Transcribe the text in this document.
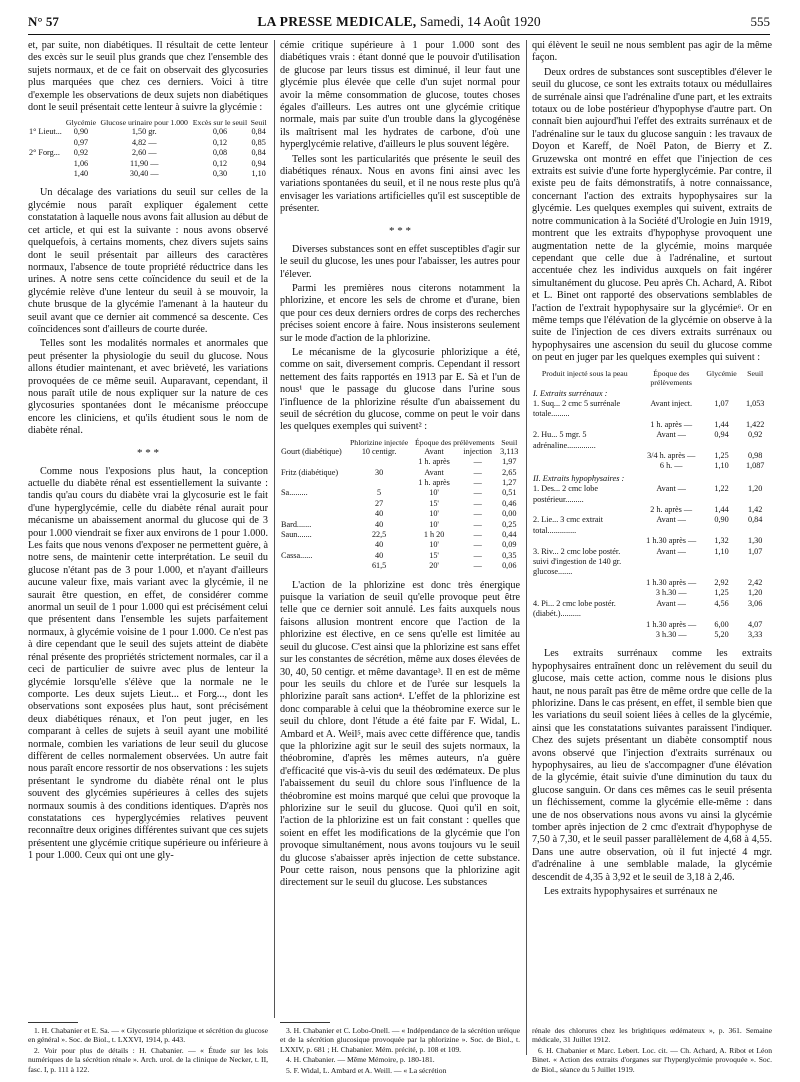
N° 57	LA PRESSE MEDICALE, Samedi, 14 Août 1920	555

et, par suite, non diabétiques. Il résultait de cette lenteur des excès sur le seuil plus grands que chez l'ensemble des sujets normaux, et de ce fait on observait des glycosuries plus marquées que chez ces derniers. Voici à titre d'exemple les observations de deux sujets non diabétiques dont le seuil présentait cette lenteur à suivre la glycémie :

	Glycémie	Glucose urinaire pour 1.000	Excès sur le seuil	Seuil
1° Lieut...	0,90	1,50 gr.	0,06	0,84
	0,97	4,82 —	0,12	0,85
2° Forg...	0,92	2,60 —	0,08	0,84
	1,06	11,90 —	0,12	0,94
	1,40	30,40 —	0,30	1,10

Un décalage des variations du seuil sur celles de la glycémie nous paraît expliquer également cette constatation à laquelle nous avons fait allusion au début de cet article, et qui est la suivante : nous avons observé quelquefois, à certains moments, chez divers sujets sains dont le seuil présentait par ailleurs des caractères normaux, l'absence de toute propriété réductrice dans les urines. A notre sens cette coïncidence du seuil et de la glycémie relève d'une lenteur du seuil à se mouvoir, la chute brusque de la glycémie l'amenant à la hauteur du seuil avant que ce dernier ait commencé sa descente. Ces coïncidences sont d'ailleurs de courte durée.

Telles sont les modalités normales et anormales que peut présenter la physiologie du seuil du glucose. Nous allons étudier maintenant, et avec brièveté, les variations provoquées de ce même seuil. Auparavant, cependant, il nous paraît utile de nous expliquer sur la nature de ces glycosuries spontanées dont le mécanisme préoccupe encore les cliniciens, et qu'ils étudient sous le nom de diabète rénal.

* * *

Comme nous l'exposions plus haut, la conception actuelle du diabète rénal est essentiellement la suivante : tandis qu'au cours du diabète vrai la glycosurie est le fait d'une hyperglycémie, celle du diabète rénal aurait pour mécanisme un abaissement anormal du glucose qui de 3 pour 1.000 viendrait se fixer aux environs de 1 pour 1.000. Les faits que nous venons d'exposer ne permettent guère, à notre sens, de maintenir cette interprétation. Le seuil du glucose n'étant pas de 3 pour 1.000, et n'ayant d'ailleurs aucune valeur fixe, mais variant avec la glycémie, il ne saurait être question, en effet, de considérer comme anormal un seuil de 1 pour 1.000 qui est précisément celui que présentent dans l'ensemble les sujets parfaitement normaux, à glycémie voisine de 1 pour 1.000. Ce n'est pas à dire cependant que le seuil des sujets atteint de diabète rénal présente des propriétés strictement normales, car il a ceci de particulier de suivre avec plus de lenteur la glycémie lorsqu'elle s'élève que la normale ne le comporte. Les deux sujets Lieut... et Forg..., dont les observations sont exposées plus haut, sont précisément deux diabétiques rénaux, et l'on peut juger, en les comparant à celles de sujets à seuil ayant une mobilité normale, combien les variations de leur seuil du glucose diffèrent de celles normalement observées. Un autre fait nous paraît encore ressortir de nos observations : les sujets présentant le syndrome du diabète rénal ont le plus souvent des glycémies supérieures à celles des sujets normaux soumis à des conditions identiques. D'après nos constatations ces hyperglycémies relatives peuvent reconnaître deux origines différentes suivant que ces sujets présentent une glycémie critique supérieure ou inférieure à 1 pour 1.000. Ceux qui ont une gly-

cémie critique supérieure à 1 pour 1.000 sont des diabétiques vrais : étant donné que le pouvoir d'utilisation de glucose par leurs tissus est diminué, il leur faut une glycémie plus élevée que celle d'un sujet normal pour avoir la même consommation de glucose, toutes choses égales d'ailleurs. Les autres ont une glycémie critique normale, mais par suite d'un trouble dans la glycogénèse ils maîtrisent mal les hydrates de carbone, d'où une hyperglycémie relative, d'ailleurs le plus souvent légère.

Telles sont les particularités que présente le seuil des diabétiques rénaux. Nous en avons fini ainsi avec les variations spontanées du seuil, et il ne nous reste plus qu'à envisager les variations artificielles qu'il est susceptible de présenter.

* * *

Diverses substances sont en effet susceptibles d'agir sur le seuil du glucose, les unes pour l'abaisser, les autres pour l'élever.

Parmi les premières nous citerons notamment la phlorizine, et encore les sels de chrome et d'urane, bien que pour ces deux derniers ordres de corps des recherches précises soient encore à faire. Nous insisterons seulement sur le mode d'action de la phlorizine.

Le mécanisme de la glycosurie phlorizique a été, comme on sait, diversement compris. Cependant il ressort nettement des faits rapportés en 1913 par E. Sà et l'un de nous¹ que le passage du glucose dans l'urine sous l'influence de la phlorizine résulte d'un abaissement du seuil de sécrétion du glucose, comme on peut le voir dans les quelques exemples qui suivent² :

	Phlorizine injectée	Époque des prélèvements		Seuil
Gourt (diabétique)	10 centigr.	Avant	injection	3,113
		1 h. après	—	1,97
Fritz (diabétique)	30	Avant	—	2,65
		1 h. après	—	1,27
Sa.........	5	10'	—	0,51
	27	15'	—	0,46
	40	10'	—	0,00
Bard.......	40	10'	—	0,25
Saun.......	22,5	1 h 20	—	0,44
	40	10'	—	0,09
Cassa......	40	15'	—	0,35
	61,5	20'	—	0,06

L'action de la phlorizine est donc très énergique puisque la variation de seuil qu'elle provoque peut être telle que ce dernier soit annulé. Les faits auxquels nous faisons allusion montrent encore que l'action de la phlorizine est élective, en ce sens qu'elle est limitée au seuil du glucose. C'est ainsi que la phlorizine est sans effet sur les constantes de sécrétion, même aux doses élevées de 30, 40, 50 centigr. et même davantage³. Il en est de même pour les seuils du chlore et de l'urée sur lesquels la phlorizine paraît sans action⁴. L'effet de la phlorizine est donc comparable à celui que la théobromine exerce sur le seuil du chlore, dont l'étude a été faite par F. Widal, L. Ambard et A. Weil⁵, mais avec cette différence que, tandis que la phlorizine agit sur le seuil des sujets normaux, la théobromine, d'après les mêmes auteurs, n'a guère d'efficacité que vis-à-vis du seuil des œdémateux. De plus l'abaissement du seuil du chlore sous l'influence de la théobromine est moins marqué que celui que provoque la phlorizine sur le seuil du glucose. Quoi qu'il en soit, l'action de la phlorizine est un fait constant : quelles que soient en effet les modifications de la glycémie que l'on provoque simultanément, nous avons toujours vu le seuil du glucose s'abaisser après injection de cette substance. Pour cette raison, nous pensons que la phlorizine agit directement sur le seuil du glucose. Les substances

qui élèvent le seuil ne nous semblent pas agir de la même façon.

Deux ordres de substances sont susceptibles d'élever le seuil du glucose, ce sont les extraits totaux ou médullaires de surrénale ainsi que l'adrénaline d'une part, et les extraits totaux ou de lobe postérieur d'hypophyse d'autre part. On connaît bien aujourd'hui l'effet des extraits surrénaux et de l'adrénaline sur le taux du glucose sanguin : les travaux de Doyon et Kareff, de Noël Paton, de Bierry et Z. Gruzewska ont montré en effet que l'injection de ces extraits est suivie d'une forte hyperglycémie. Par contre, il existe peu de faits démonstratifs, à notre connaissance, concernant l'action des extraits hypophysaires sur la glycémie. Les quelques exemples qui suivent, extraits de notre communication à la Société d'Urologie en Juin 1919, montrent que les extraits d'hypophyse provoquent une augmentation nette de la glycémie, moins marquée cependant que celle due à l'adrénaline, et surtout accentuée chez les individus auxquels on fait ingérer simultanément du glucose. Peu après Ch. Achard, A. Ribot et L. Binet ont rapporté des observations semblables de l'action de l'extrait hypophysaire sur la glycémie⁶. Or en même temps que l'élévation de la glycémie on observe à la suite de l'injection de ces divers extraits surrénaux ou hypophysaires une ascension du seuil du glucose comme on peut en juger par les quelques exemples qui suivent :

Produit injecté sous la peau	Époque des prélèvements	Glycémie	Seuil
I. Extraits surrénaux :			
1. Suq... 2 cmc 5 surrénale totale.........	Avant inject.	1,07	1,053
	1 h. après —	1,44	1,422
2. Hu... 5 mgr. 5 adrénaline..............	Avant —	0,94	0,92
	3/4 h. après —	1,25	0,98
	6 h. —	1,10	1,087
II. Extraits hypophysaires :			
1. Des... 2 cmc lobe postérieur.........	Avant —	1,22	1,20
	2 h. après —	1,44	1,42
2. Lie... 3 cmc extrait total..............	Avant —	0,90	0,84
	1 h.30 après —	1,32	1,30
3. Riv... 2 cmc lobe postér. suivi d'ingestion de 140 gr. glucose.......	Avant —	1,10	1,07
	1 h.30 après —	2,92	2,42
	3 h.30 —	1,25	1,20
4. Pi... 2 cmc lobe postér. (diabét.)..........	Avant —	4,56	3,06
	1 h.30 après —	6,00	4,07
	3 h.30 —	5,20	3,33

Les extraits surrénaux comme les extraits hypophysaires entraînent donc un relèvement du seuil du glucose, mais cette action, comme nous le disions plus haut, ne nous paraît pas être de même ordre que celle de la phlorizine. Dans le cas présent, en effet, il semble bien que les variations du seuil soient liées à celles de la glycémie, ainsi que les constatations suivantes paraissent l'indiquer. Chez des sujets présentant un diabète consomptif nous avons observé que l'injection d'extraits surrénaux ou hypophysaires, au lieu de s'accompagner d'une élévation de la glycémie, était suivie d'une diminution du taux du glucose sanguin. Or dans ces mêmes cas le seuil présenta un fléchissement, comme la glycémie elle-même : dans une de nos observations nous avons vu ainsi la glycémie tomber après injection de 2 cmc d'extrait d'hypophyse de 7,50 à 7,30, et le seuil passer parallèlement de 4,68 à 4,55. Dans une autre observation, où il fut injecté 4 mgr. d'adrénaline à une semblable malade, la glycémie descendit de 4,35 à 3,92 et le seuil de 3,18 à 2,46.

Les extraits hypophysaires et surrénaux ne

1. H. Chabanier et E. Sa. — « Glycosurie phlorizique et sécrétion du glucose en général ». Soc. de Biol., t. LXXVI, 1914, p. 443.

2. Voir pour plus de détails : H. Chabanier. — « Étude sur les lois numériques de la sécrétion rénale ». Arch. urol. de la clinique de Necker, t. II, fasc. I, p. 111 à 122.

3. H. Chabanier et C. Lobo-Onell. — « Indépendance de la sécrétion uréique et de la sécrétion glucosique provoquée par la phlorizine ». Soc. de Biol., t. LXXIV, p. 681 ; H. Chabanier. Mém. précité, p. 108 et 109.

4. H. Chabanier. — Même Mémoire, p. 180-181.

5. F. Widal, L. Ambard et A. Weill. — « La sécrétion

rénale des chlorures chez les brightiques œdémateux », p. 361. Semaine médicale, 31 Juillet 1912.

6. H. Chabanier et Marc. Lebert. Loc. cit. — Ch. Achard, A. Ribot et Léon Binet. « Action des extraits d'organes sur l'hyperglycémie provoquée ». Soc. de Biol., séance du 5 Juillet 1919.
